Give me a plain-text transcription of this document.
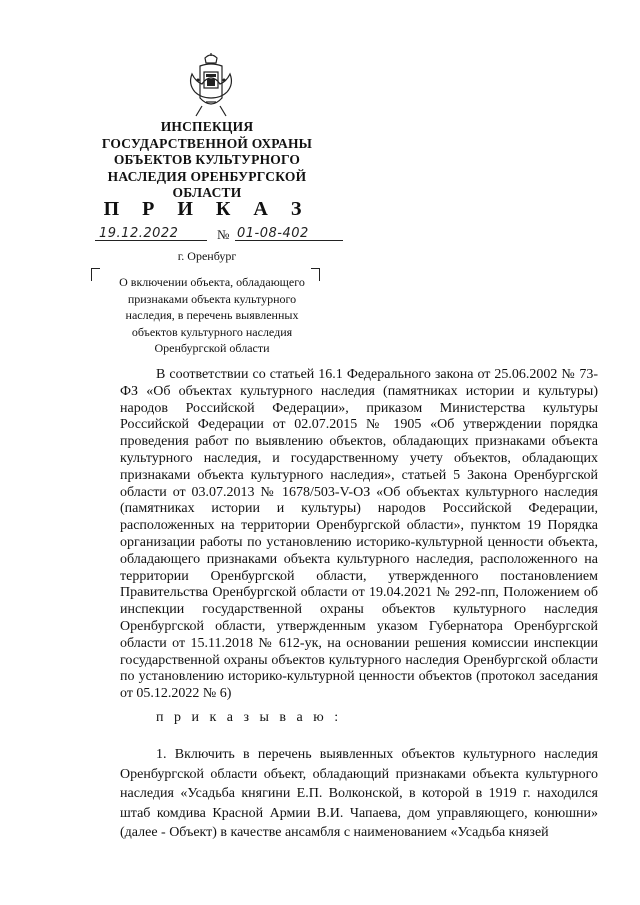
ИНСПЕКЦИЯ
ГОСУДАРСТВЕННОЙ ОХРАНЫ
ОБЪЕКТОВ КУЛЬТУРНОГО
НАСЛЕДИЯ ОРЕНБУРГСКОЙ
ОБЛАСТИ
П Р И К А З
19.12.2022	№ 01-08-402
г. Оренбург
О включении объекта, обладающего
признаками объекта культурного
наследия, в перечень выявленных
объектов культурного наследия
Оренбургской области

В соответствии со статьей 16.1 Федерального закона от 25.06.2002 № 73-ФЗ «Об объектах культурного наследия (памятниках истории и культуры) народов Российской Федерации», приказом Министерства культуры Российской Федерации от 02.07.2015 № 1905 «Об утверждении порядка проведения работ по выявлению объектов, обладающих признаками объекта культурного наследия, и государственному учету объектов, обладающих признаками объекта культурного наследия», статьей 5 Закона Оренбургской области от 03.07.2013 № 1678/503-V-ОЗ «Об объектах культурного наследия (памятниках истории и культуры) народов Российской Федерации, расположенных на территории Оренбургской области», пунктом 19 Порядка организации работы по установлению историко-культурной ценности объекта, обладающего признаками объекта культурного наследия, расположенного на территории Оренбургской области, утвержденного постановлением Правительства Оренбургской области от 19.04.2021 № 292-пп, Положением об инспекции государственной охраны объектов культурного наследия Оренбургской области, утвержденным указом Губернатора Оренбургской области от 15.11.2018 № 612-ук, на основании решения комиссии инспекции государственной охраны объектов культурного наследия Оренбургской области по установлению историко-культурной ценности объектов (протокол заседания от 05.12.2022 № 6)

п р и к а з ы в а ю :

1. Включить в перечень выявленных объектов культурного наследия Оренбургской области объект, обладающий признаками объекта культурного наследия «Усадьба княгини Е.П. Волконской, в которой в 1919 г. находился штаб комдива Красной Армии В.И. Чапаева, дом управляющего, конюшни» (далее - Объект) в качестве ансамбля с наименованием «Усадьба князей
